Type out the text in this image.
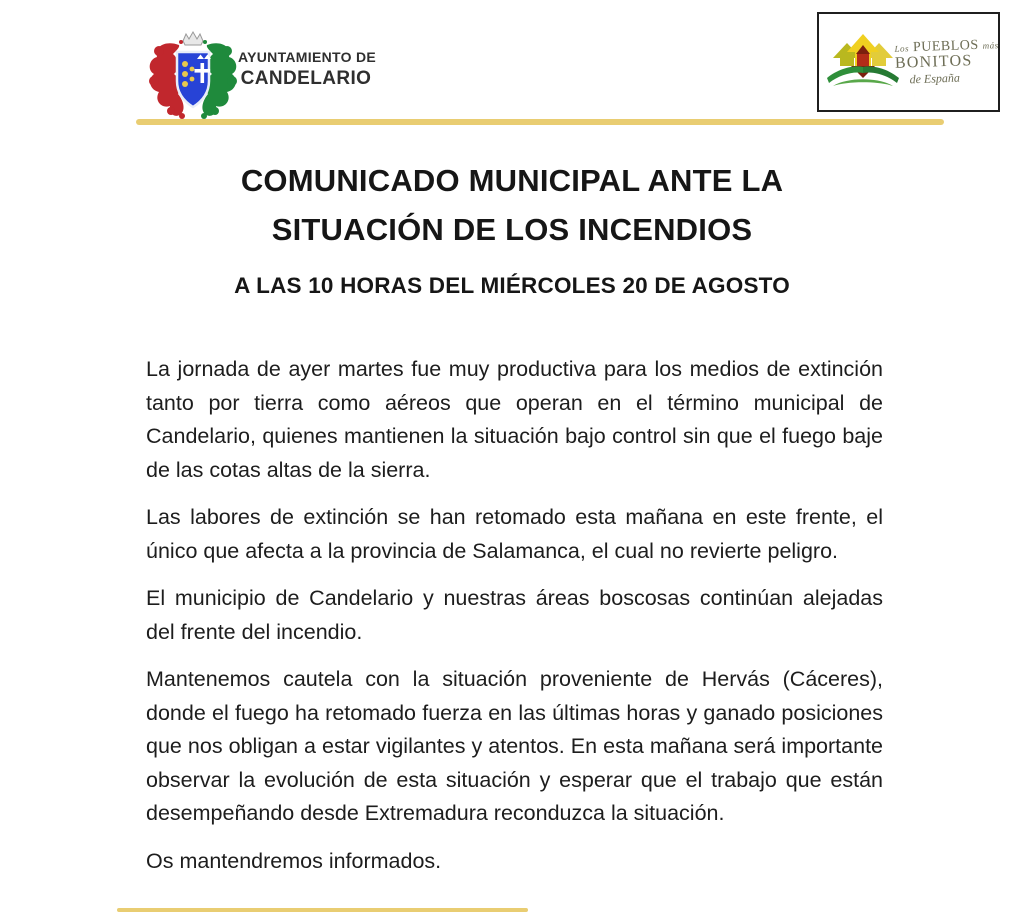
AYUNTAMIENTO DE
CANDELARIO
Los PUEBLOS más
BONITOS
de España
COMUNICADO MUNICIPAL ANTE LA
SITUACIÓN DE LOS INCENDIOS
A LAS 10 HORAS DEL MIÉRCOLES 20 DE AGOSTO

La jornada de ayer martes fue muy productiva para los medios de extinción tanto por tierra como aéreos que operan en el término municipal de Candelario, quienes mantienen la situación bajo control sin que el fuego baje de las cotas altas de la sierra.

Las labores de extinción se han retomado esta mañana en este frente, el único que afecta a la provincia de Salamanca, el cual no revierte peligro.

El municipio de Candelario y nuestras áreas boscosas continúan alejadas del frente del incendio.

Mantenemos cautela con la situación proveniente de Hervás (Cáceres), donde el fuego ha retomado fuerza en las últimas horas y ganado posiciones que nos obligan a estar vigilantes y atentos. En esta mañana será importante observar la evolución de esta situación y esperar que el trabajo que están desempeñando desde Extremadura reconduzca la situación.

Os mantendremos informados.
